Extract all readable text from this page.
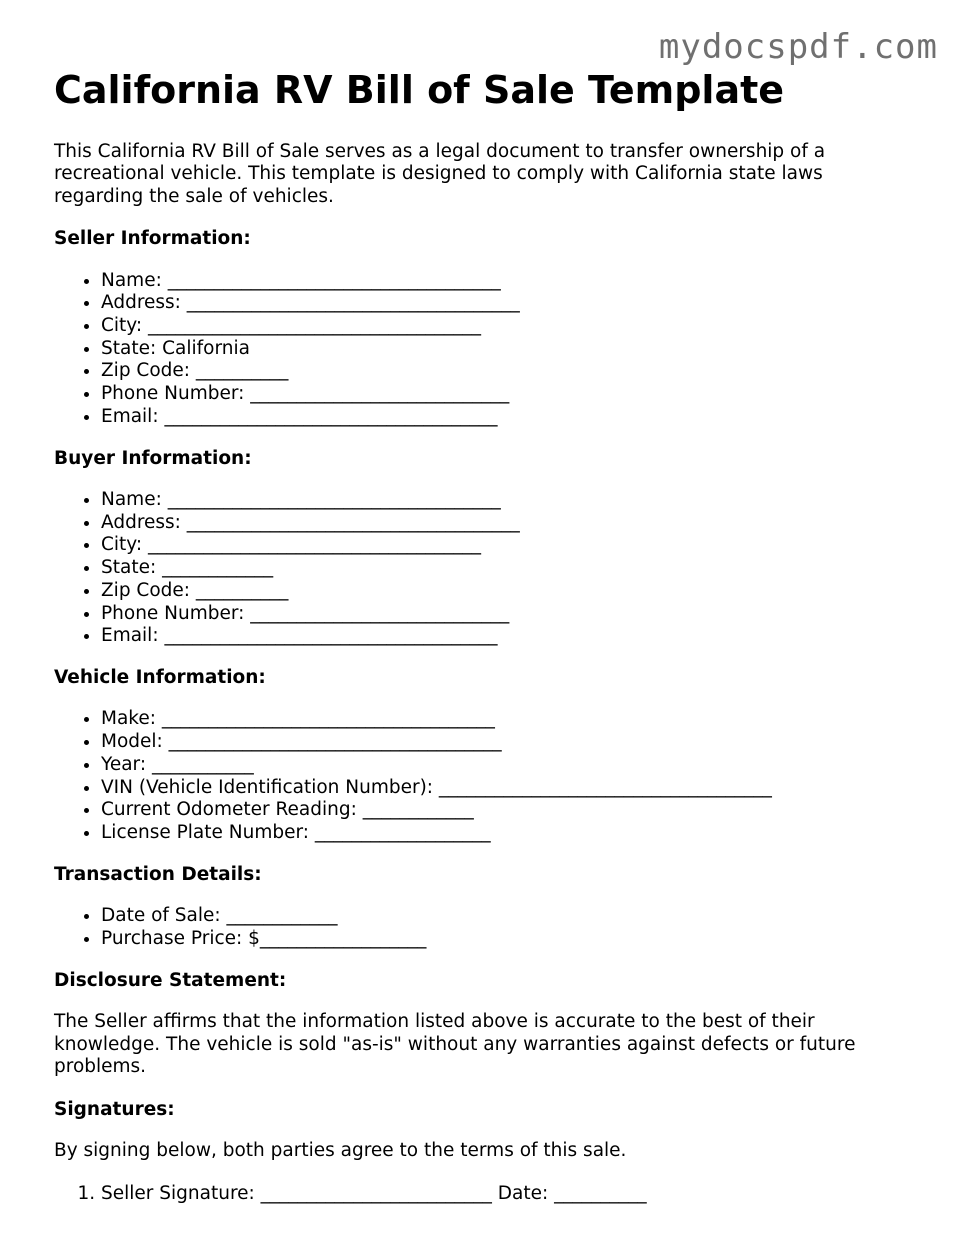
mydocspdf.com
California RV Bill of Sale Template

This California RV Bill of Sale serves as a legal document to transfer ownership of a recreational vehicle. This template is designed to comply with California state laws regarding the sale of vehicles.

Seller Information:
• Name: ____________________________________
• Address: ____________________________________
• City: ____________________________________
• State: California
• Zip Code: __________
• Phone Number: ____________________________
• Email: ____________________________________
Buyer Information:
• Name: ____________________________________
• Address: ____________________________________
• City: ____________________________________
• State: ____________
• Zip Code: __________
• Phone Number: ____________________________
• Email: ____________________________________
Vehicle Information:
• Make: ____________________________________
• Model: ____________________________________
• Year: ___________
• VIN (Vehicle Identification Number): ____________________________________
• Current Odometer Reading: ____________
• License Plate Number: ___________________
Transaction Details:
• Date of Sale: ____________
• Purchase Price: $__________________
Disclosure Statement:

The Seller affirms that the information listed above is accurate to the best of their knowledge. The vehicle is sold "as-is" without any warranties against defects or future problems.

Signatures:

By signing below, both parties agree to the terms of this sale.

1. Seller Signature: _________________________ Date: __________
